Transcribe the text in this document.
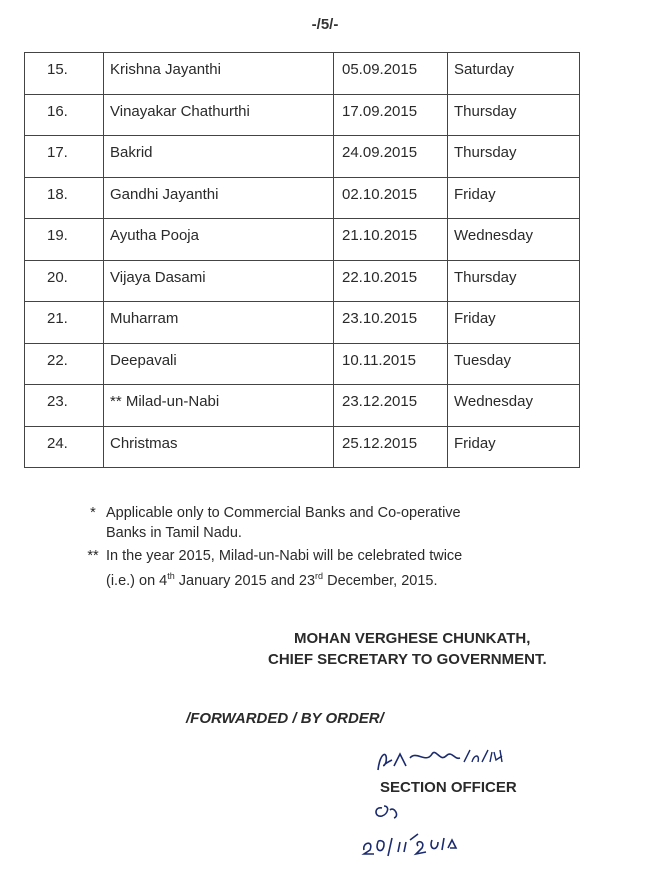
-/5/-
15.	Krishna Jayanthi	05.09.2015	Saturday
16.	Vinayakar Chathurthi	17.09.2015	Thursday
17.	Bakrid	24.09.2015	Thursday
18.	Gandhi Jayanthi	02.10.2015	Friday
19.	Ayutha Pooja	21.10.2015	Wednesday
20.	Vijaya Dasami	22.10.2015	Thursday
21.	Muharram	23.10.2015	Friday
22.	Deepavali	10.11.2015	Tuesday
23.	** Milad-un-Nabi	23.12.2015	Wednesday
24.	Christmas	25.12.2015	Friday
* Applicable only to Commercial Banks and Co-operative
Banks in Tamil Nadu.
** In the year 2015, Milad-un-Nabi will be celebrated twice
(i.e.) on 4th January 2015 and 23rd December, 2015.
MOHAN VERGHESE CHUNKATH,
CHIEF SECRETARY TO GOVERNMENT.
/FORWARDED / BY ORDER/
SECTION OFFICER
